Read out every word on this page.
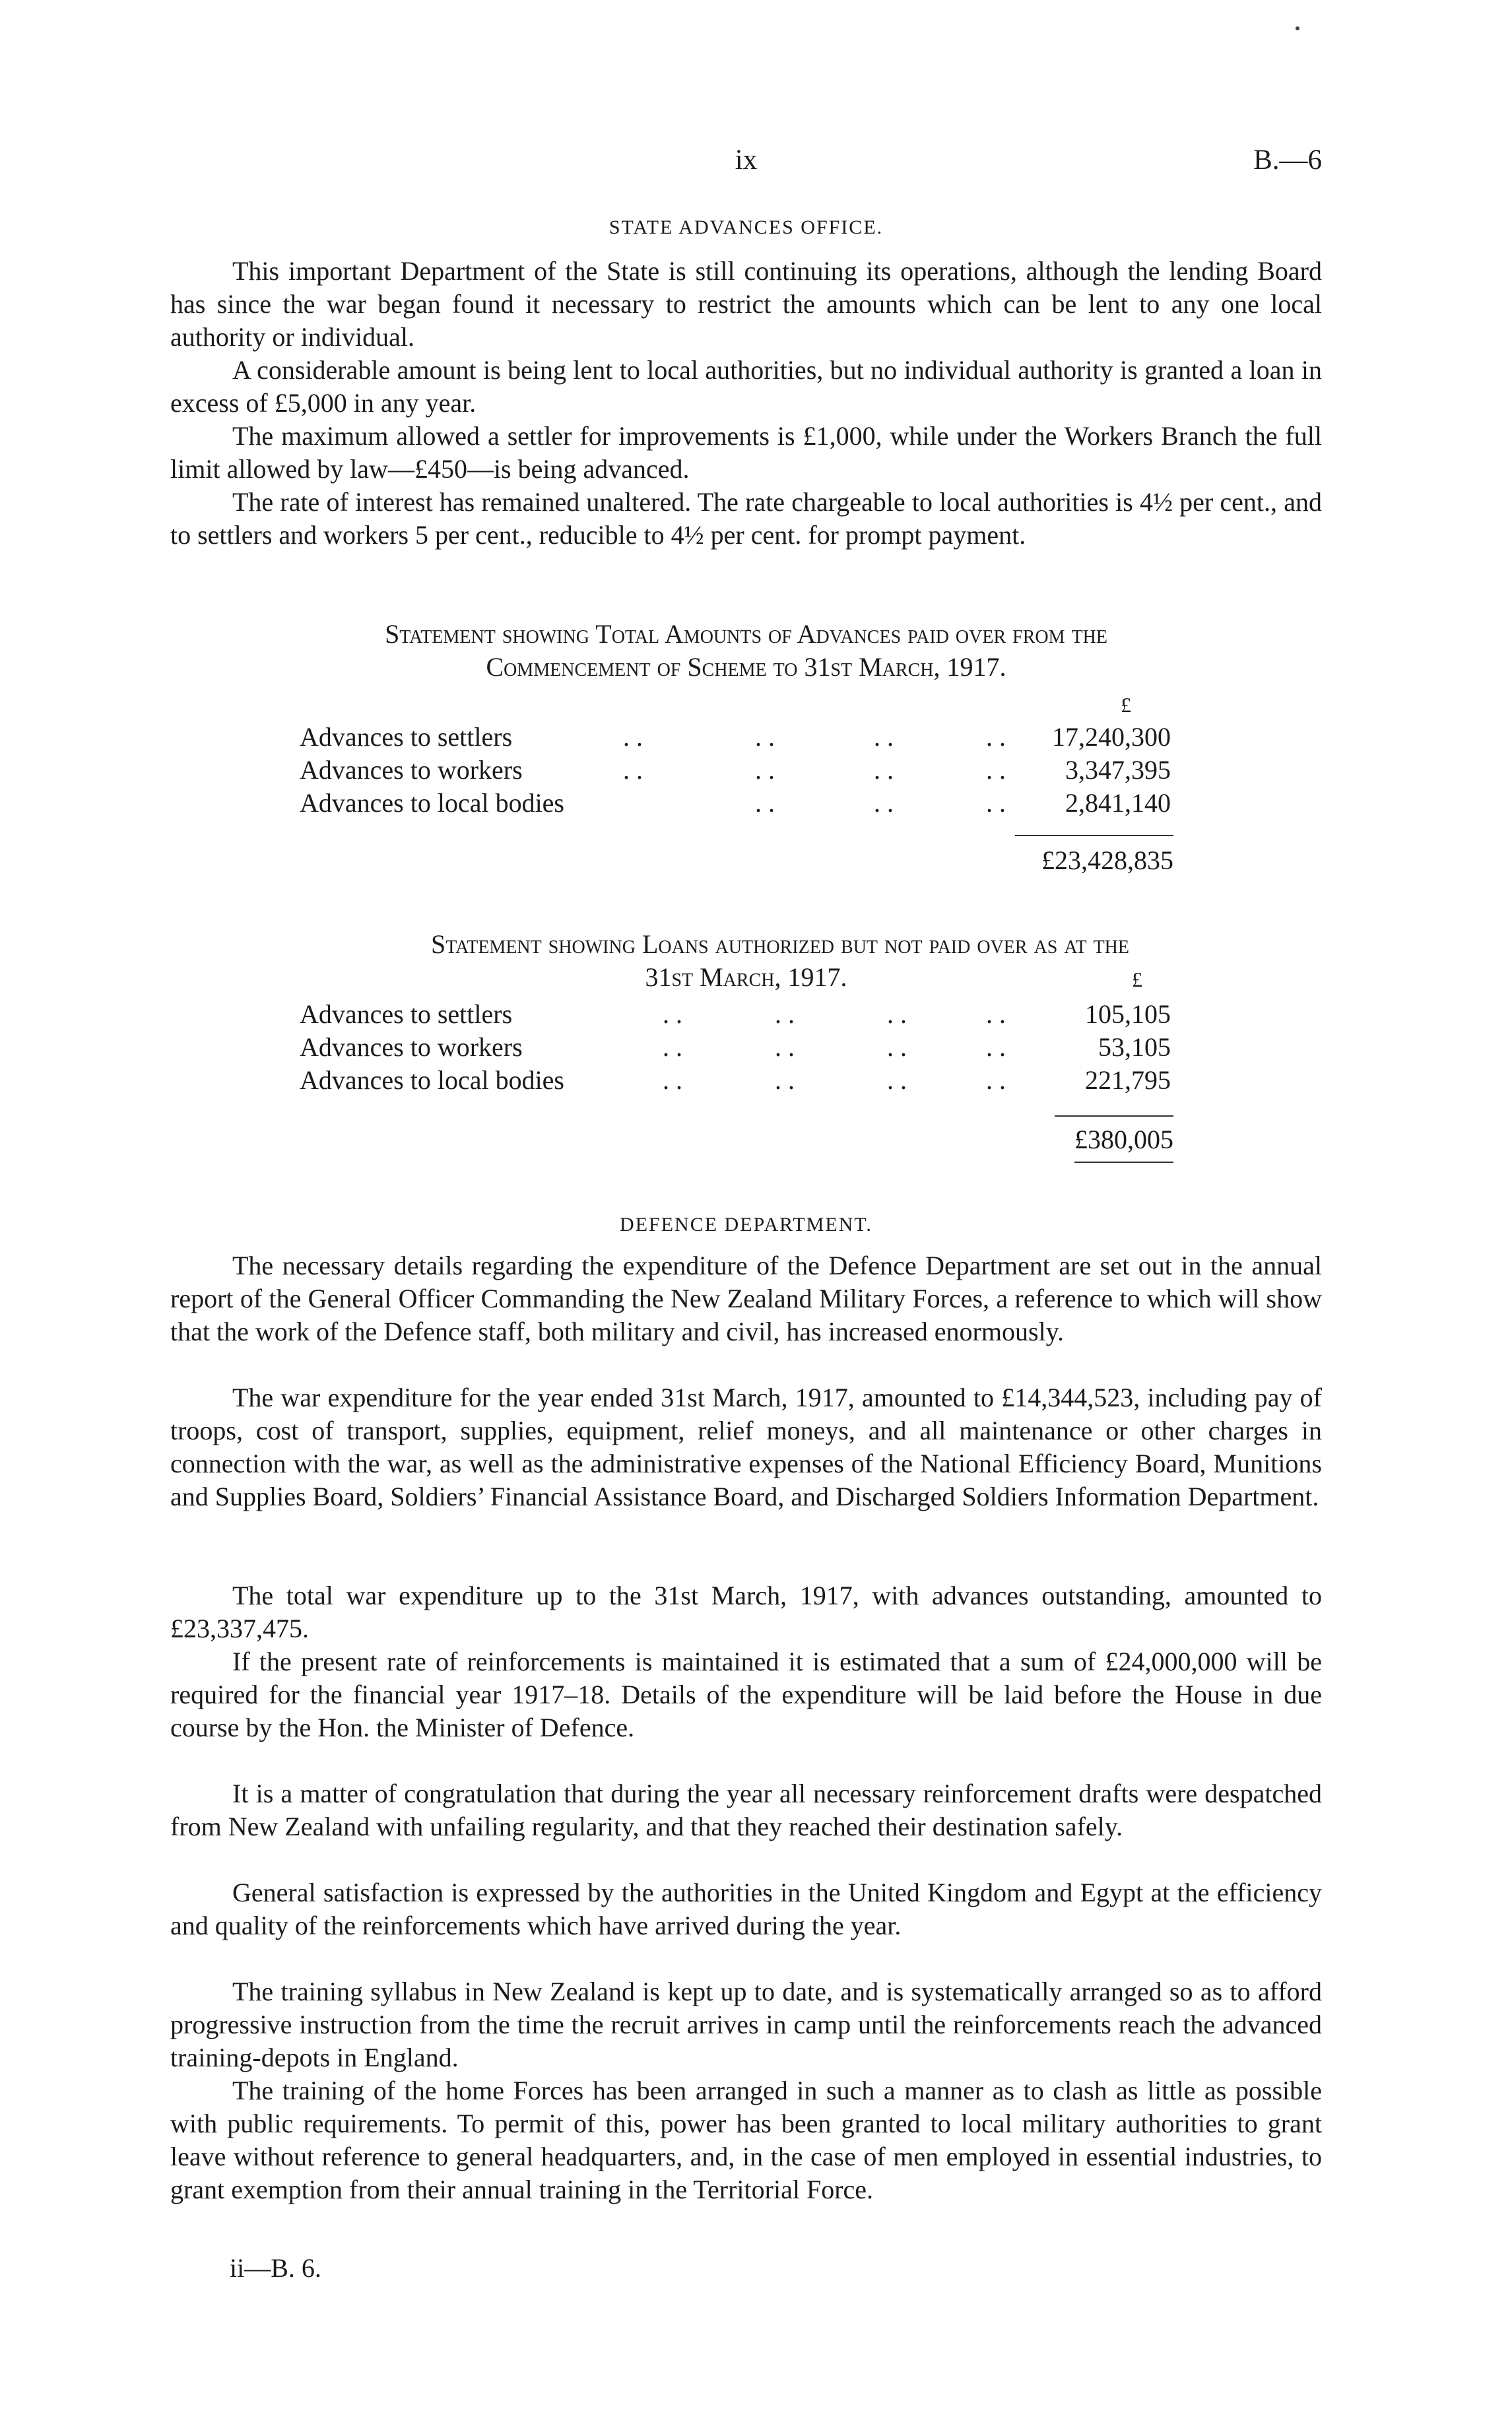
ix	B.—6
STATE ADVANCES OFFICE.

This important Department of the State is still continuing its operations, although the lending Board has since the war began found it necessary to restrict the amounts which can be lent to any one local authority or individual.

A considerable amount is being lent to local authorities, but no individual authority is granted a loan in excess of £5,000 in any year.

The maximum allowed a settler for improvements is £1,000, while under the Workers Branch the full limit allowed by law—£450—is being advanced.

The rate of interest has remained unaltered. The rate chargeable to local authorities is 4½ per cent., and to settlers and workers 5 per cent., reducible to 4½ per cent. for prompt payment.

Statement showing Total Amounts of Advances paid over from the

Commencement of Scheme to 31st March, 1917.

£
Advances to settlers	. .	. .	. .	. . 17,240,300
Advances to workers	. .	. .	. .	. . 3,347,395
Advances to local bodies	. .	. .	. . 2,841,140
£23,428,835

Statement showing Loans authorized but not paid over as at the

31st March, 1917.	£
Advances to settlers	. .	. .	. .	. .	105,105
Advances to workers	. .	. .	. .	. .	53,105
Advances to local bodies	. .	. .	. .	. .	221,795
£380,005
DEFENCE DEPARTMENT.

The necessary details regarding the expenditure of the Defence Department are set out in the annual report of the General Officer Commanding the New Zealand Military Forces, a reference to which will show that the work of the Defence staff, both military and civil, has increased enormously.

The war expenditure for the year ended 31st March, 1917, amounted to £14,344,523, including pay of troops, cost of transport, supplies, equipment, relief moneys, and all maintenance or other charges in connection with the war, as well as the administrative expenses of the National Efficiency Board, Munitions and Supplies Board, Soldiers’ Financial Assistance Board, and Discharged Soldiers Information Department.

The total war expenditure up to the 31st March, 1917, with advances outstanding, amounted to £23,337,475.

If the present rate of reinforcements is maintained it is estimated that a sum of £24,000,000 will be required for the financial year 1917–18. Details of the expenditure will be laid before the House in due course by the Hon. the Minister of Defence.

It is a matter of congratulation that during the year all necessary reinforcement drafts were despatched from New Zealand with unfailing regularity, and that they reached their destination safely.

General satisfaction is expressed by the authorities in the United Kingdom and Egypt at the efficiency and quality of the reinforcements which have arrived during the year.

The training syllabus in New Zealand is kept up to date, and is systematically arranged so as to afford progressive instruction from the time the recruit arrives in camp until the reinforcements reach the advanced training-depots in England.

The training of the home Forces has been arranged in such a manner as to clash as little as possible with public requirements. To permit of this, power has been granted to local military authorities to grant leave without reference to general headquarters, and, in the case of men employed in essential industries, to grant exemption from their annual training in the Territorial Force.

ii—B. 6.
